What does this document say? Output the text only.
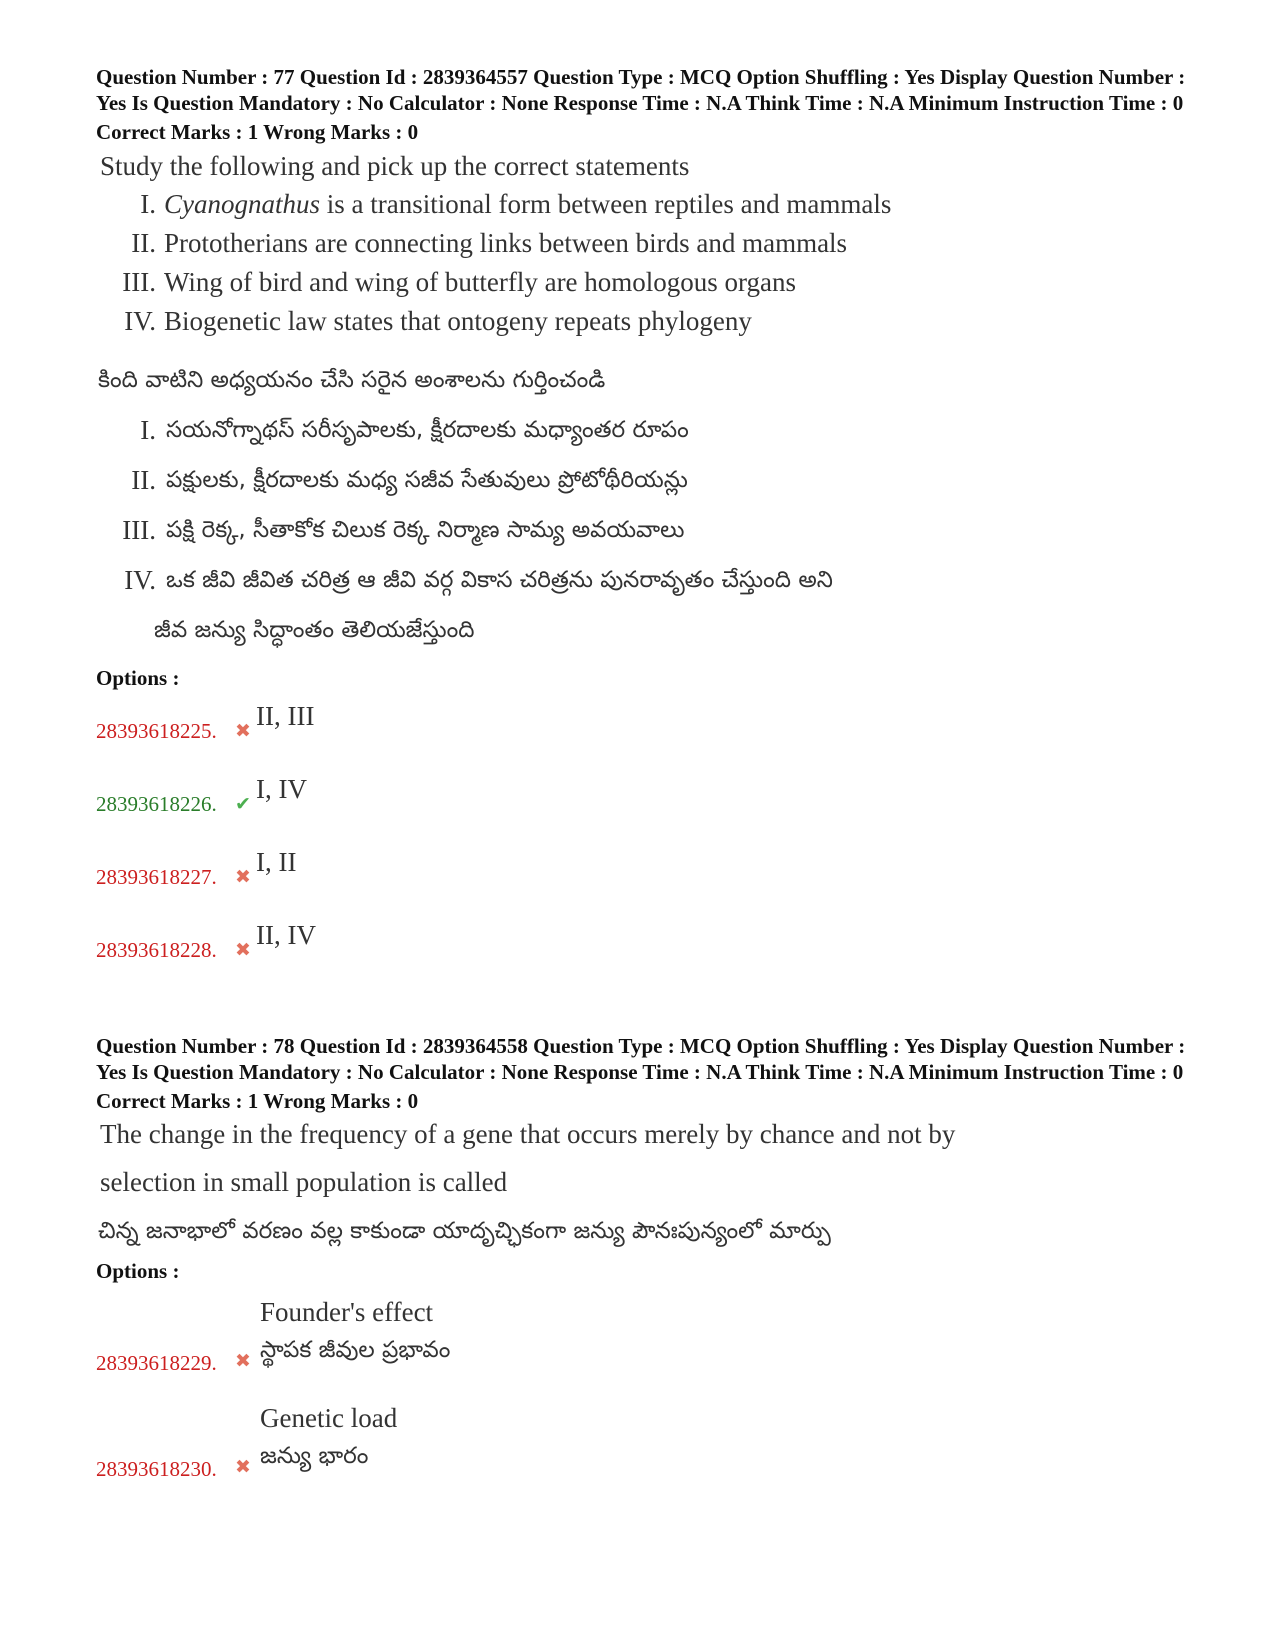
Question Number : 77 Question Id : 2839364557 Question Type : MCQ Option Shuffling : Yes Display Question Number : Yes Is Question Mandatory : No Calculator : None Response Time : N.A Think Time : N.A Minimum Instruction Time : 0
Correct Marks : 1 Wrong Marks : 0
Study the following and pick up the correct statements
I. Cyanognathus is a transitional form between reptiles and mammals
II. Prototherians are connecting links between birds and mammals
III. Wing of bird and wing of butterfly are homologous organs
IV. Biogenetic law states that ontogeny repeats phylogeny
కింది వాటిని అధ్యయనం చేసి సరైన అంశాలను గుర్తించండి
I. సయనోగ్నాథస్ సరీసృపాలకు, క్షీరదాలకు మధ్యాంతర రూపం
II. పక్షులకు, క్షీరదాలకు మధ్య సజీవ సేతువులు ప్రోటోథీరియన్లు
III. పక్షి రెక్క, సీతాకోక చిలుక రెక్క నిర్మాణ సామ్య అవయవాలు
IV. ఒక జీవి జీవిత చరిత్ర ఆ జీవి వర్గ వికాస చరిత్రను పునరావృతం చేస్తుంది అని
జీవ జన్యు సిద్ధాంతం తెలియజేస్తుంది
Options :
28393618225. ✖ II, III
28393618226. ✔ I, IV
28393618227. ✖ I, II
28393618228. ✖ II, IV
Question Number : 78 Question Id : 2839364558 Question Type : MCQ Option Shuffling : Yes Display Question Number : Yes Is Question Mandatory : No Calculator : None Response Time : N.A Think Time : N.A Minimum Instruction Time : 0
Correct Marks : 1 Wrong Marks : 0
The change in the frequency of a gene that occurs merely by chance and not by
selection in small population is called
చిన్న జనాభాలో వరణం వల్ల కాకుండా యాదృచ్ఛికంగా జన్యు పౌనఃపున్యంలో మార్పు
Options :
28393618229. ✖
Founder's effect
స్థాపక జీవుల ప్రభావం
28393618230. ✖
Genetic load
జన్యు భారం
